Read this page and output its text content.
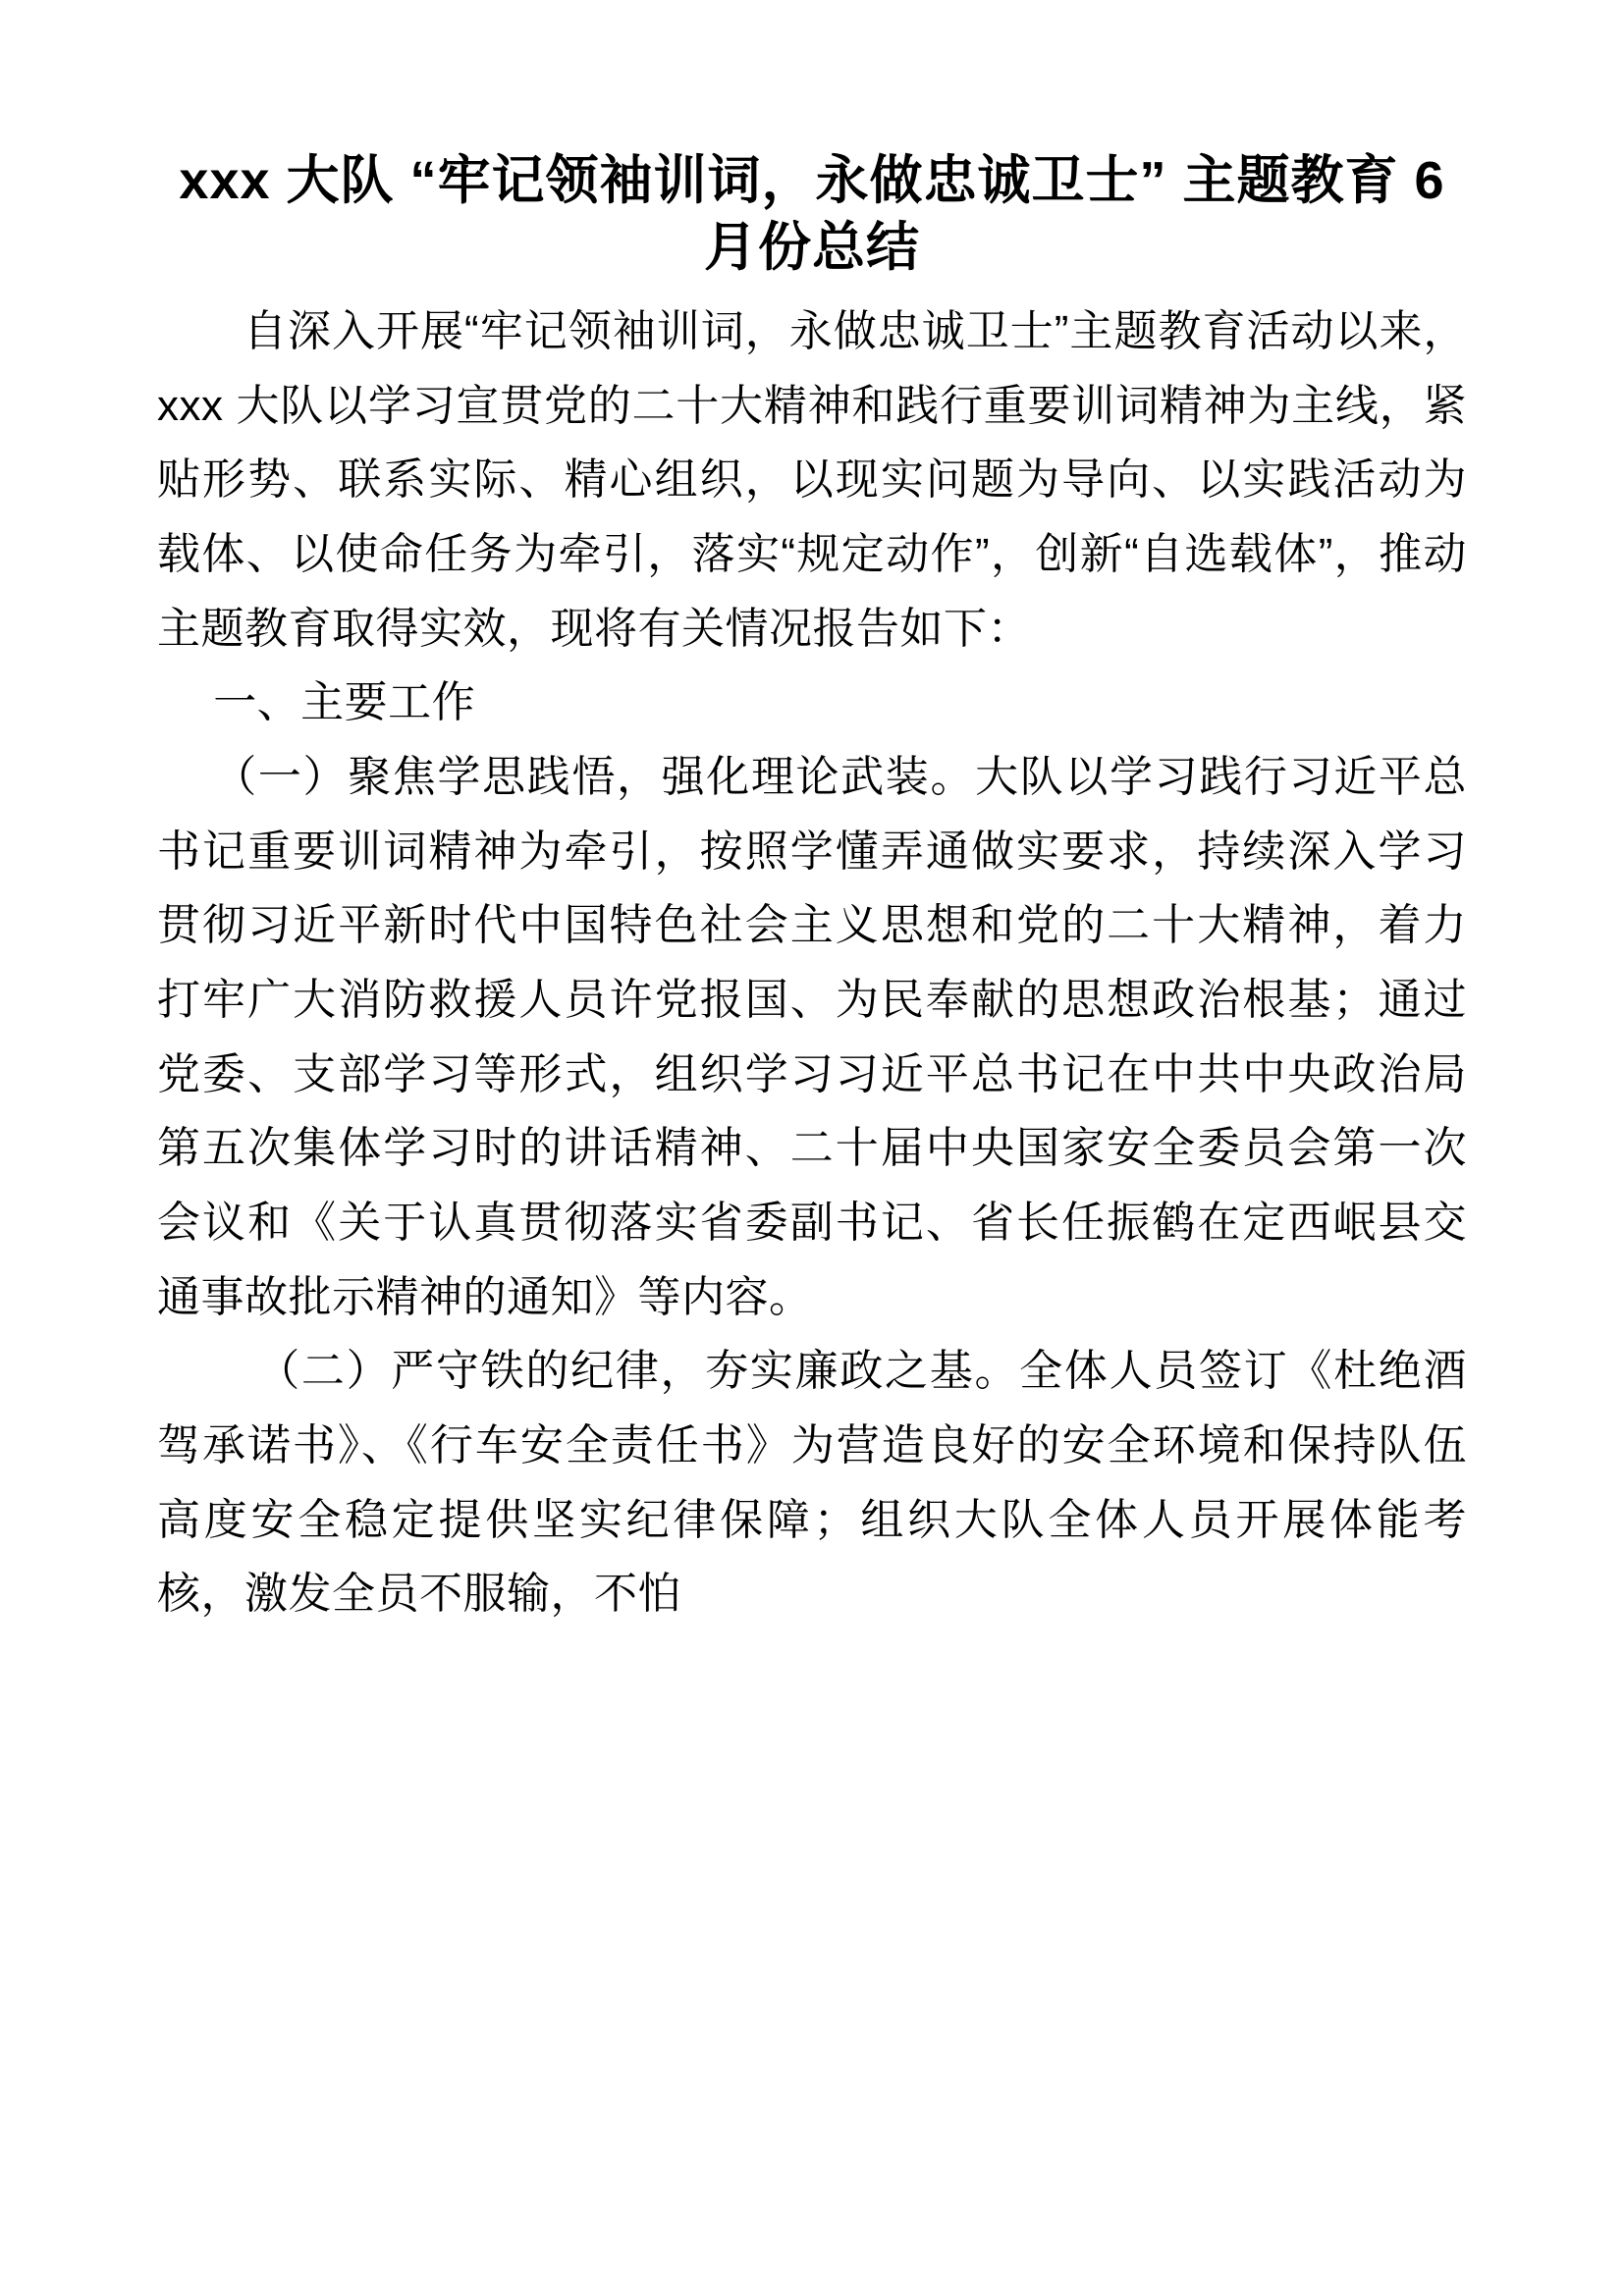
xxx 大队 “牢记领袖训词，永做忠诚卫士” 主题教育 6 月份总结

自深入开展“牢记领袖训词，永做忠诚卫士”主题教育活动以来，xxx 大队以学习宣贯党的二十大精神和践行重要训词精神为主线，紧贴形势、联系实际、精心组织，以现实问题为导向、以实践活动为载体、以使命任务为牵引，落实“规定动作”，创新“自选载体”，推动主题教育取得实效，现将有关情况报告如下：

一、主要工作

（一）聚焦学思践悟，强化理论武装。大队以学习践行习近平总书记重要训词精神为牵引，按照学懂弄通做实要求，持续深入学习贯彻习近平新时代中国特色社会主义思想和党的二十大精神，着力打牢广大消防救援人员许党报国、为民奉献的思想政治根基；通过党委、支部学习等形式，组织学习习近平总书记在中共中央政治局第五次集体学习时的讲话精神、二十届中央国家安全委员会第一次会议和《关于认真贯彻落实省委副书记、省长任振鹤在定西岷县交通事故批示精神的通知》等内容。

（二）严守铁的纪律，夯实廉政之基。全体人员签订《杜绝酒驾承诺书》、《行车安全责任书》为营造良好的安全环境和保持队伍高度安全稳定提供坚实纪律保障；组织大队全体人员开展体能考核，激发全员不服输，不怕
